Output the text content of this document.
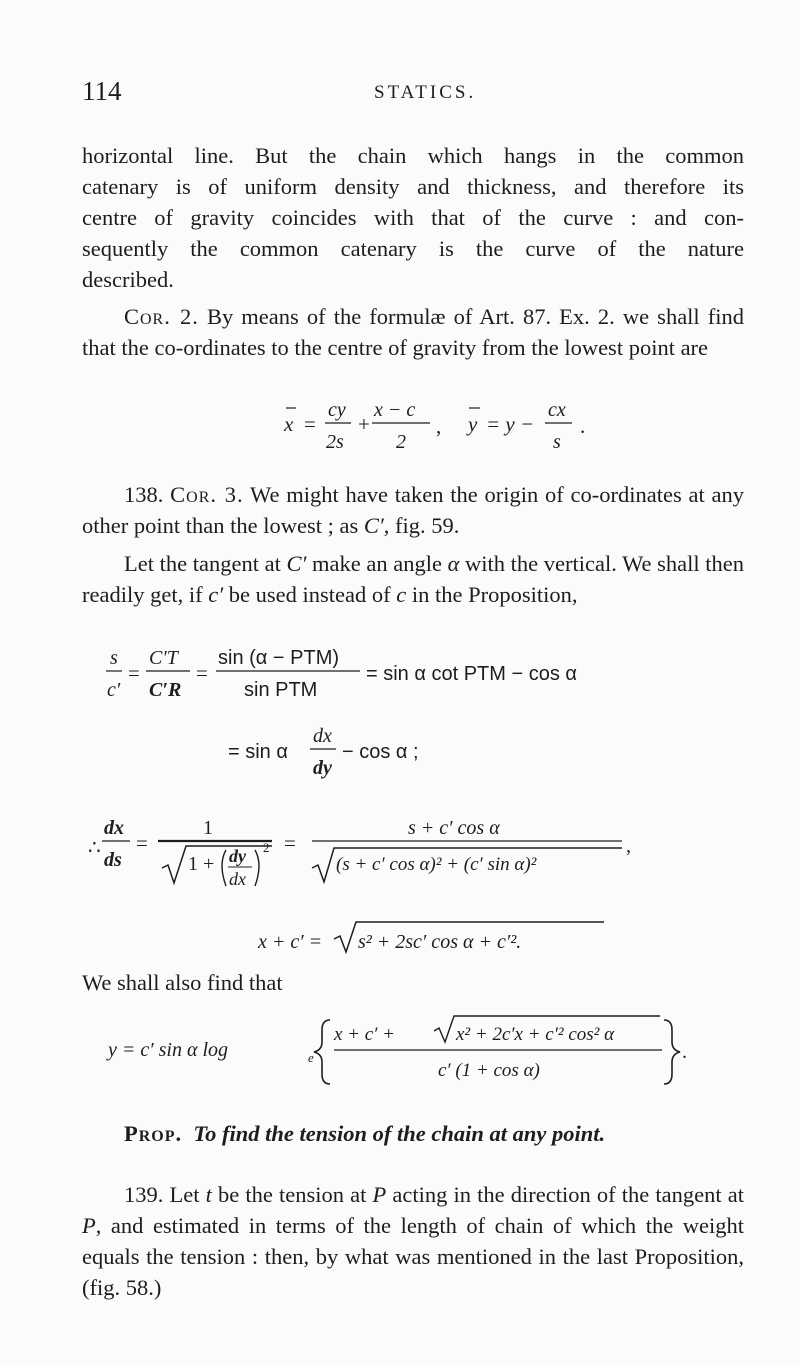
114	STATICS.

horizontal line. But the chain which hangs in the common

catenary is of uniform density and thickness, and therefore its

centre of gravity coincides with that of the curve : and con-

sequently the common catenary is the curve of the nature

described.

Cor. 2. By means of the formulæ of Art. 87. Ex. 2. we shall find that the co-ordinates to the centre of gravity from the lowest point are

x =
cy
2s
+
x − c
2
, y = y −
cx
s
.

138. Cor. 3. We might have taken the origin of co-ordinates at any other point than the lowest ; as C′, fig. 59.

Let the tangent at C′ make an angle α with the vertical. We shall then readily get, if c′ be used instead of c in the Proposition,

s
c′
=
C′T
C′R
=
sin (α − PTM)
sin PTM
= sin α cot PTM − cos α
= sin α
dx
dy
− cos α ;
∴
dx
ds
=
1
1 + dy
dx
2 =
s + c′ cos α
(s + c′ cos α)² + (c′ sin α)²
,
x + c′ = s² + 2sc′ cos α + c′².

We shall also find that

y = c′ sin α log	e
x + c′ +	x² + 2c′x + c′² cos² α
c′ (1 + cos α)
.

Prop. To find the tension of the chain at any point.

139. Let t be the tension at P acting in the direction of the tangent at P, and estimated in terms of the length of chain of which the weight equals the tension : then, by what was mentioned in the last Proposition, (fig. 58.)
